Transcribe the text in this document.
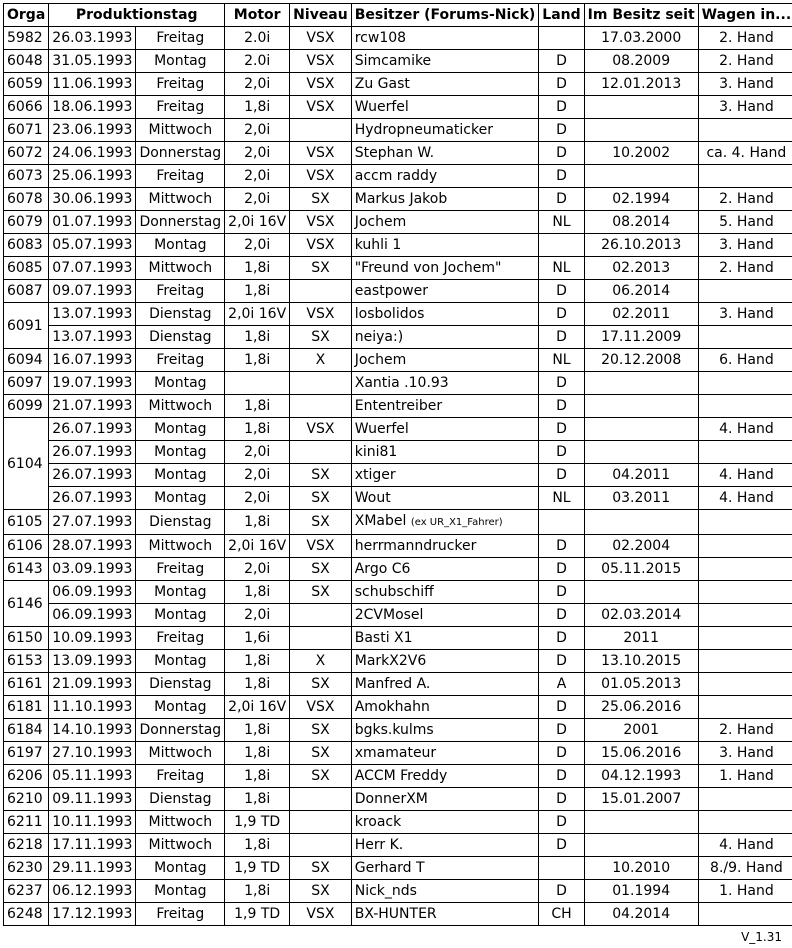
Orga	Produktionstag		Motor	Niveau	Besitzer (Forums-Nick)	Land	Im Besitz seit	Wagen in...
5982	26.03.1993	Freitag	2.0i	VSX	rcw108		17.03.2000	2. Hand
6048	31.05.1993	Montag	2.0i	VSX	Simcamike	D	08.2009	2. Hand
6059	11.06.1993	Freitag	2,0i	VSX	Zu Gast	D	12.01.2013	3. Hand
6066	18.06.1993	Freitag	1,8i	VSX	Wuerfel	D		3. Hand
6071	23.06.1993	Mittwoch	2,0i		Hydropneumaticker	D		
6072	24.06.1993	Donnerstag	2,0i	VSX	Stephan W.	D	10.2002	ca. 4. Hand
6073	25.06.1993	Freitag	2,0i	VSX	accm raddy	D		
6078	30.06.1993	Mittwoch	2,0i	SX	Markus Jakob	D	02.1994	2. Hand
6079	01.07.1993	Donnerstag	2,0i 16V	VSX	Jochem	NL	08.2014	5. Hand
6083	05.07.1993	Montag	2,0i	VSX	kuhli 1		26.10.2013	3. Hand
6085	07.07.1993	Mittwoch	1,8i	SX	"Freund von Jochem"	NL	02.2013	2. Hand
6087	09.07.1993	Freitag	1,8i		eastpower	D	06.2014	
6091	13.07.1993	Dienstag	2,0i 16V	VSX	losbolidos	D	02.2011	3. Hand
	13.07.1993	Dienstag	1,8i	SX	neiya:)	D	17.11.2009	
6094	16.07.1993	Freitag	1,8i	X	Jochem	NL	20.12.2008	6. Hand
6097	19.07.1993	Montag			Xantia .10.93	D		
6099	21.07.1993	Mittwoch	1,8i		Ententreiber	D		
6104	26.07.1993	Montag	1,8i	VSX	Wuerfel	D		4. Hand
	26.07.1993	Montag	2,0i		kini81	D		
	26.07.1993	Montag	2,0i	SX	xtiger	D	04.2011	4. Hand
	26.07.1993	Montag	2,0i	SX	Wout	NL	03.2011	4. Hand
6105	27.07.1993	Dienstag	1,8i	SX	XMabel (ex UR_X1_Fahrer)			
6106	28.07.1993	Mittwoch	2,0i 16V	VSX	herrmanndrucker	D	02.2004	
6143	03.09.1993	Freitag	2,0i	SX	Argo C6	D	05.11.2015	
6146	06.09.1993	Montag	1,8i	SX	schubschiff	D		
	06.09.1993	Montag	2,0i		2CVMosel	D	02.03.2014	
6150	10.09.1993	Freitag	1,6i		Basti X1	D	2011	
6153	13.09.1993	Montag	1,8i	X	MarkX2V6	D	13.10.2015	
6161	21.09.1993	Dienstag	1,8i	SX	Manfred A.	A	01.05.2013	
6181	11.10.1993	Montag	2,0i 16V	VSX	Amokhahn	D	25.06.2016	
6184	14.10.1993	Donnerstag	1,8i	SX	bgks.kulms	D	2001	2. Hand
6197	27.10.1993	Mittwoch	1,8i	SX	xmamateur	D	15.06.2016	3. Hand
6206	05.11.1993	Freitag	1,8i	SX	ACCM Freddy	D	04.12.1993	1. Hand
6210	09.11.1993	Dienstag	1,8i		DonnerXM	D	15.01.2007	
6211	10.11.1993	Mittwoch	1,9 TD		kroack	D		
6218	17.11.1993	Mittwoch	1,8i		Herr K.	D		4. Hand
6230	29.11.1993	Montag	1,9 TD	SX	Gerhard T		10.2010	8./9. Hand
6237	06.12.1993	Montag	1,8i	SX	Nick_nds	D	01.1994	1. Hand
6248	17.12.1993	Freitag	1,9 TD	VSX	BX-HUNTER	CH	04.2014	
V_1.31
